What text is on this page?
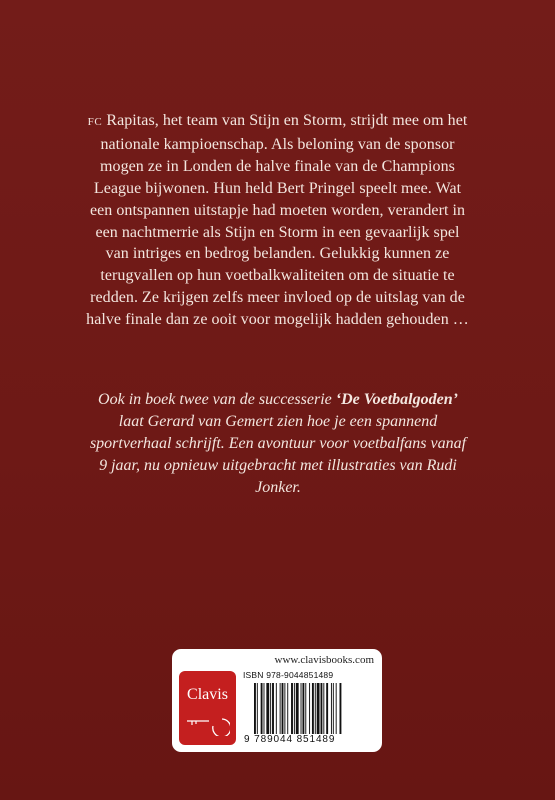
FC Rapitas, het team van Stijn en Storm, strijdt mee om het nationale kampioenschap. Als beloning van de sponsor mogen ze in Londen de halve finale van de Champions League bijwonen. Hun held Bert Pringel speelt mee. Wat een ontspannen uitstapje had moeten worden, verandert in een nachtmerrie als Stijn en Storm in een gevaarlijk spel van intriges en bedrog belanden. Gelukkig kunnen ze terugvallen op hun voetbalkwaliteiten om de situatie te redden. Ze krijgen zelfs meer invloed op de uitslag van de halve finale dan ze ooit voor mogelijk hadden gehouden …

Ook in boek twee van de successerie ‘De Voetbalgoden’ laat Gerard van Gemert zien hoe je een spannend sportverhaal schrijft. Een avontuur voor voetbalfans vanaf 9 jaar, nu opnieuw uitgebracht met illustraties van Rudi Jonker.

www.clavisbooks.com
Clavis
ISBN 978-9044851489
9 789044 851489
